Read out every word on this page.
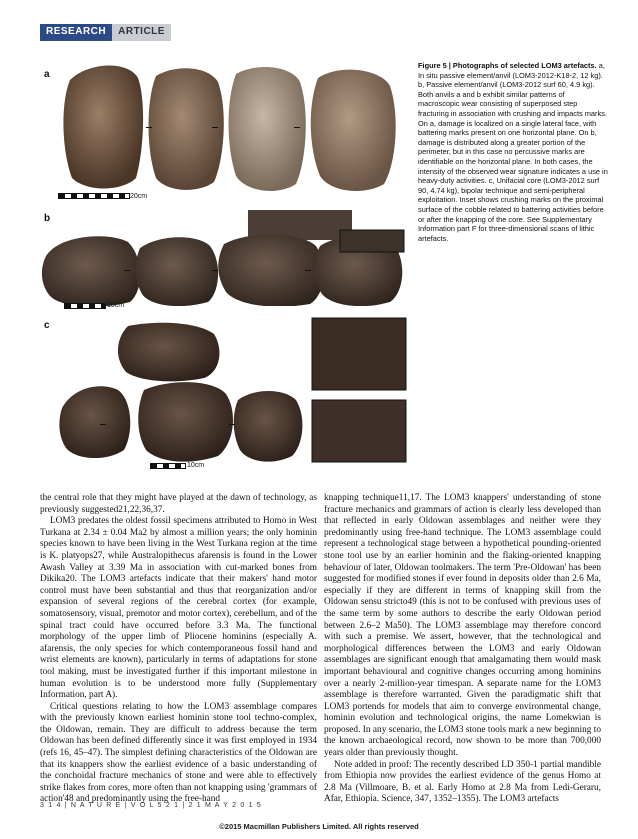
RESEARCH	ARTICLE
a
20cm
b
10cm
c
10cm
Figure 5 | Photographs of selected LOM3 artefacts. a, In situ passive element/anvil (LOM3-2012-K18-2, 12 kg). b, Passive element/anvil (LOM3-2012 surf 60, 4.9 kg). Both anvils a and b exhibit similar patterns of macroscopic wear consisting of superposed step fracturing in association with crushing and impacts marks. On a, damage is localized on a single lateral face, with battering marks present on one horizontal plane. On b, damage is distributed along a greater portion of the perimeter, but in this case no percussive marks are identifiable on the horizontal plane. In both cases, the intensity of the observed wear signature indicates a use in heavy-duty activities. c, Unifacial core (LOM3-2012 surf 90, 4.74 kg), bipolar technique and semi-peripheral exploitation. Inset shows crushing marks on the proximal surface of the cobble related to battering activities before or after the knapping of the core. See Supplementary Information part F for three-dimensional scans of lithic artefacts.

the central role that they might have played at the dawn of technology, as previously suggested21,22,36,37.

LOM3 predates the oldest fossil specimens attributed to Homo in West Turkana at 2.34 ± 0.04 Ma2 by almost a million years; the only hominin species known to have been living in the West Turkana region at the time is K. platyops27, while Australopithecus afarensis is found in the Lower Awash Valley at 3.39 Ma in association with cut-marked bones from Dikika20. The LOM3 artefacts indicate that their makers' hand motor control must have been substantial and thus that reorganization and/or expansion of several regions of the cerebral cortex (for example, somatosensory, visual, premotor and motor cortex), cerebellum, and of the spinal tract could have occurred before 3.3 Ma. The functional morphology of the upper limb of Pliocene hominins (especially A. afarensis, the only species for which contemporaneous fossil hand and wrist elements are known), particularly in terms of adaptations for stone tool making, must be investigated further if this important milestone in human evolution is to be understood more fully (Supplementary Information, part A).

Critical questions relating to how the LOM3 assemblage compares with the previously known earliest hominin stone tool techno-complex, the Oldowan, remain. They are difficult to address because the term Oldowan has been defined differently since it was first employed in 1934 (refs 16, 45–47). The simplest defining characteristics of the Oldowan are that its knappers show the earliest evidence of a basic understanding of the conchoidal fracture mechanics of stone and were able to effectively strike flakes from cores, more often than not knapping using 'grammars of action'48 and predominantly using the free-hand

knapping technique11,17. The LOM3 knappers' understanding of stone fracture mechanics and grammars of action is clearly less developed than that reflected in early Oldowan assemblages and neither were they predominantly using free-hand technique. The LOM3 assemblage could represent a technological stage between a hypothetical pounding-oriented stone tool use by an earlier hominin and the flaking-oriented knapping behaviour of later, Oldowan toolmakers. The term 'Pre-Oldowan' has been suggested for modified stones if ever found in deposits older than 2.6 Ma, especially if they are different in terms of knapping skill from the Oldowan sensu stricto49 (this is not to be confused with previous uses of the same term by some authors to describe the early Oldowan period between 2.6–2 Ma50). The LOM3 assemblage may therefore concord with such a premise. We assert, however, that the technological and morphological differences between the LOM3 and early Oldowan assemblages are significant enough that amalgamating them would mask important behavioural and cognitive changes occurring among hominins over a nearly 2-million-year timespan. A separate name for the LOM3 assemblage is therefore warranted. Given the paradigmatic shift that LOM3 portends for models that aim to converge environmental change, hominin evolution and technological origins, the name Lomekwian is proposed. In any scenario, the LOM3 stone tools mark a new beginning to the known archaeological record, now shown to be more than 700,000 years older than previously thought.

Note added in proof: The recently described LD 350-1 partial mandible from Ethiopia now provides the earliest evidence of the genus Homo at 2.8 Ma (Villmoare, B. et al. Early Homo at 2.8 Ma from Ledi-Geraru, Afar, Ethiopia. Science, 347, 1352–1355). The LOM3 artefacts

3 1 4 | N A T U R E | V O L 5 2 1 | 2 1 M A Y 2 0 1 5
©2015 Macmillan Publishers Limited. All rights reserved
